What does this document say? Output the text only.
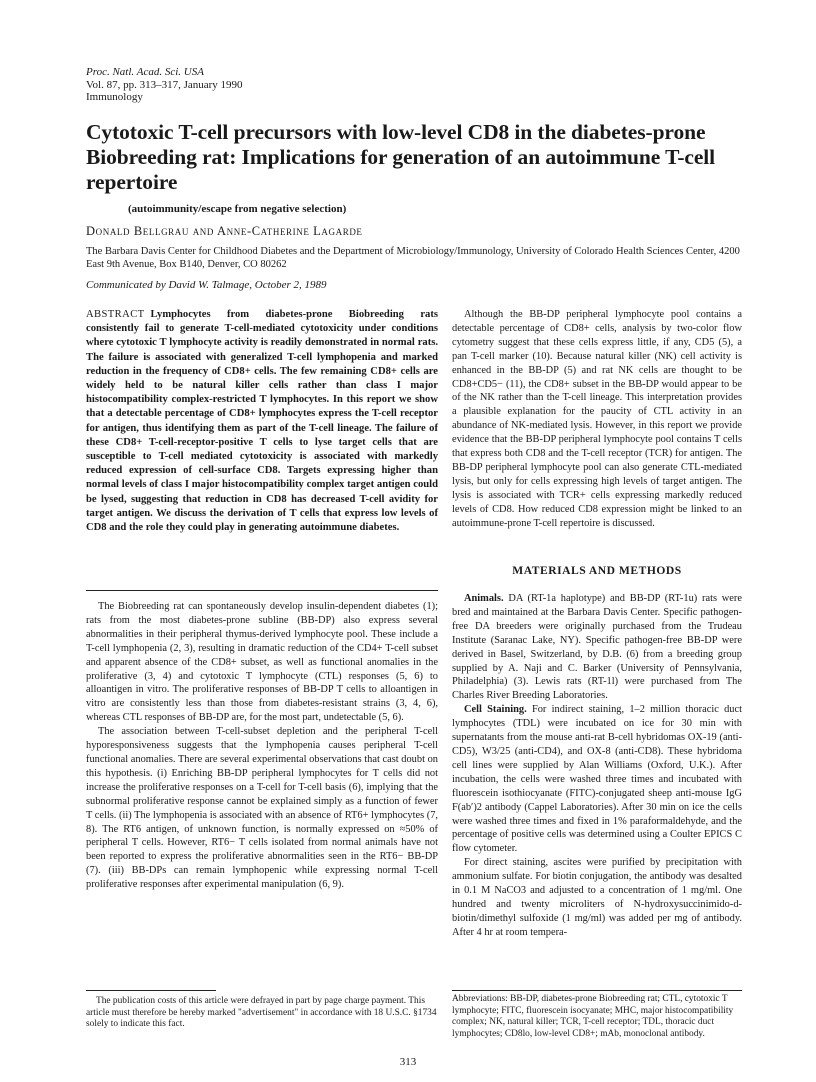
Proc. Natl. Acad. Sci. USA
Vol. 87, pp. 313–317, January 1990
Immunology
Cytotoxic T-cell precursors with low-level CD8 in the diabetes-prone Biobreeding rat: Implications for generation of an autoimmune T-cell repertoire
(autoimmunity/escape from negative selection)
Donald Bellgrau and Anne-Catherine Lagarde
The Barbara Davis Center for Childhood Diabetes and the Department of Microbiology/Immunology, University of Colorado Health Sciences Center, 4200 East 9th Avenue, Box B140, Denver, CO 80262
Communicated by David W. Talmage, October 2, 1989

ABSTRACT Lymphocytes from diabetes-prone Biobreeding rats consistently fail to generate T-cell-mediated cytotoxicity under conditions where cytotoxic T lymphocyte activity is readily demonstrated in normal rats. The failure is associated with generalized T-cell lymphopenia and marked reduction in the frequency of CD8+ cells. The few remaining CD8+ cells are widely held to be natural killer cells rather than class I major histocompatibility complex-restricted T lymphocytes. In this report we show that a detectable percentage of CD8+ lymphocytes express the T-cell receptor for antigen, thus identifying them as part of the T-cell lineage. The failure of these CD8+ T-cell-receptor-positive T cells to lyse target cells that are susceptible to T-cell mediated cytotoxicity is associated with markedly reduced expression of cell-surface CD8. Targets expressing higher than normal levels of class I major histocompatibility complex target antigen could be lysed, suggesting that reduction in CD8 has decreased T-cell avidity for target antigen. We discuss the derivation of T cells that express low levels of CD8 and the role they could play in generating autoimmune diabetes.

The Biobreeding rat can spontaneously develop insulin-dependent diabetes (1); rats from the most diabetes-prone subline (BB-DP) also express several abnormalities in their peripheral thymus-derived lymphocyte pool. These include a T-cell lymphopenia (2, 3), resulting in dramatic reduction of the CD4+ T-cell subset and apparent absence of the CD8+ subset, as well as functional anomalies in the proliferative (3, 4) and cytotoxic T lymphocyte (CTL) responses (5, 6) to alloantigen in vitro. The proliferative responses of BB-DP T cells to alloantigen in vitro are consistently less than those from diabetes-resistant strains (3, 4, 6), whereas CTL responses of BB-DP are, for the most part, undetectable (5, 6).

The association between T-cell-subset depletion and the peripheral T-cell hyporesponsiveness suggests that the lymphopenia causes peripheral T-cell functional anomalies. There are several experimental observations that cast doubt on this hypothesis. (i) Enriching BB-DP peripheral lymphocytes for T cells did not increase the proliferative responses on a T-cell for T-cell basis (6), implying that the subnormal proliferative response cannot be explained simply as a function of fewer T cells. (ii) The lymphopenia is associated with an absence of RT6+ lymphocytes (7, 8). The RT6 antigen, of unknown function, is normally expressed on ≈50% of peripheral T cells. However, RT6− T cells isolated from normal animals have not been reported to express the proliferative abnormalities seen in the RT6− BB-DP (7). (iii) BB-DPs can remain lymphopenic while expressing normal T-cell proliferative responses after experimental manipulation (6, 9).

Although the BB-DP peripheral lymphocyte pool contains a detectable percentage of CD8+ cells, analysis by two-color flow cytometry suggest that these cells express little, if any, CD5 (5), a pan T-cell marker (10). Because natural killer (NK) cell activity is enhanced in the BB-DP (5) and rat NK cells are thought to be CD8+CD5− (11), the CD8+ subset in the BB-DP would appear to be of the NK rather than the T-cell lineage. This interpretation provides a plausible explanation for the paucity of CTL activity in an abundance of NK-mediated lysis. However, in this report we provide evidence that the BB-DP peripheral lymphocyte pool contains T cells that express both CD8 and the T-cell receptor (TCR) for antigen. The BB-DP peripheral lymphocyte pool can also generate CTL-mediated lysis, but only for cells expressing high levels of target antigen. The lysis is associated with TCR+ cells expressing markedly reduced levels of CD8. How reduced CD8 expression might be linked to an autoimmune-prone T-cell repertoire is discussed.

MATERIALS AND METHODS

Animals. DA (RT-1a haplotype) and BB-DP (RT-1u) rats were bred and maintained at the Barbara Davis Center. Specific pathogen-free DA breeders were originally purchased from the Trudeau Institute (Saranac Lake, NY). Specific pathogen-free BB-DP were derived in Basel, Switzerland, by D.B. (6) from a breeding group supplied by A. Naji and C. Barker (University of Pennsylvania, Philadelphia) (3). Lewis rats (RT-1l) were purchased from The Charles River Breeding Laboratories.

Cell Staining. For indirect staining, 1–2 million thoracic duct lymphocytes (TDL) were incubated on ice for 30 min with supernatants from the mouse anti-rat B-cell hybridomas OX-19 (anti-CD5), W3/25 (anti-CD4), and OX-8 (anti-CD8). These hybridoma cell lines were supplied by Alan Williams (Oxford, U.K.). After incubation, the cells were washed three times and incubated with fluorescein isothiocyanate (FITC)-conjugated sheep anti-mouse IgG F(ab′)2 antibody (Cappel Laboratories). After 30 min on ice the cells were washed three times and fixed in 1% paraformaldehyde, and the percentage of positive cells was determined using a Coulter EPICS C flow cytometer.

For direct staining, ascites were purified by precipitation with ammonium sulfate. For biotin conjugation, the antibody was desalted in 0.1 M NaCO3 and adjusted to a concentration of 1 mg/ml. One hundred and twenty microliters of N-hydroxysuccinimido-d-biotin/dimethyl sulfoxide (1 mg/ml) was added per mg of antibody. After 4 hr at room tempera-

The publication costs of this article were defrayed in part by page charge payment. This article must therefore be hereby marked "advertisement" in accordance with 18 U.S.C. §1734 solely to indicate this fact.
Abbreviations: BB-DP, diabetes-prone Biobreeding rat; CTL, cytotoxic T lymphocyte; FITC, fluorescein isocyanate; MHC, major histocompatibility complex; NK, natural killer; TCR, T-cell receptor; TDL, thoracic duct lymphocytes; CD8lo, low-level CD8+; mAb, monoclonal antibody.
313
